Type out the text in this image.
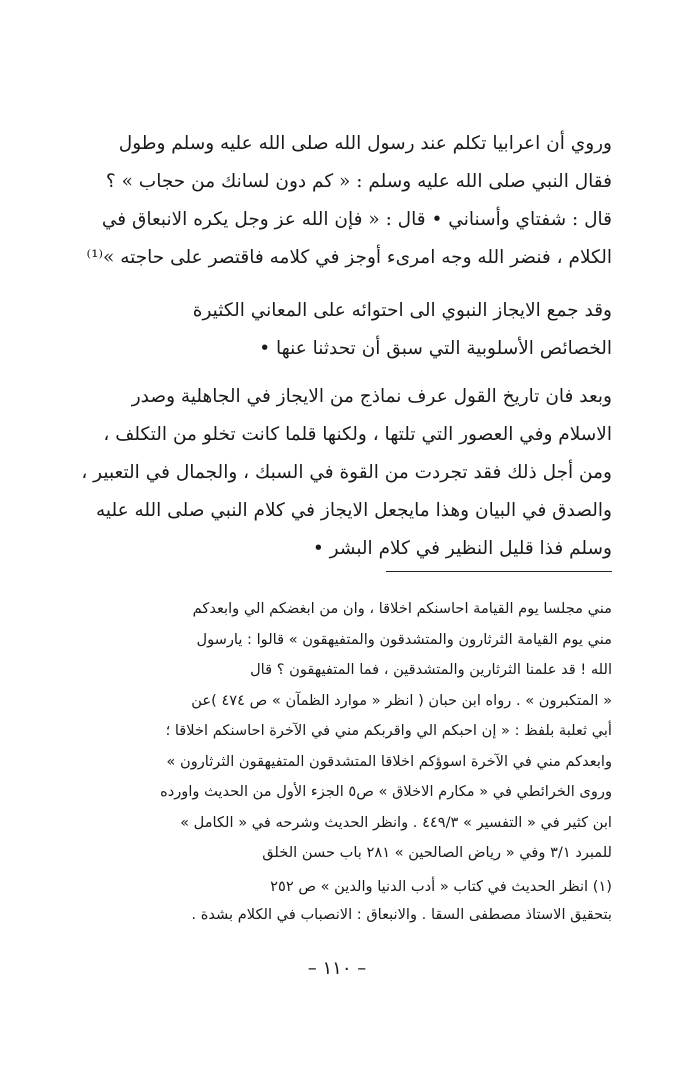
وروي أن اعرابيا تكلم عند رسول الله صلى الله عليه وسلم وطول
فقال النبي صلى الله عليه وسلم : « كم دون لسانك من حجاب » ؟
قال : شفتاي وأسناني • قال : « فإن الله عز وجل يكره الانبعاق في
الكلام ، فنضر الله وجه امرىء أوجز في كلامه فاقتصر على حاجته »⁽¹⁾
وقد جمع الايجاز النبوي الى احتوائه على المعاني الكثيرة
الخصائص الأسلوبية التي سبق أن تحدثنا عنها •
وبعد فان تاريخ القول عرف نماذج من الايجاز في الجاهلية وصدر
الاسلام وفي العصور التي تلتها ، ولكنها قلما كانت تخلو من التكلف ،
ومن أجل ذلك فقد تجردت من القوة في السبك ، والجمال في التعبير ،
والصدق في البيان وهذا مايجعل الايجاز في كلام النبي صلى الله عليه
وسلم فذا قليل النظير في كلام البشر •
مني مجلسا يوم القيامة احاسنكم اخلاقا ، وان من ابغضكم الي وابعدكم
مني يوم القيامة الثرثارون والمتشدقون والمتفيهقون » قالوا : يارسول
الله ! قد علمنا الثرثارين والمتشدقين ، فما المتفيهقون ؟ قال
« المتكبرون » . رواه ابن حبان ( انظر « موارد الظمآن » ص ٤٧٤ )عن
أبي ثعلبة بلفظ : « إن احبكم الي واقربكم مني في الآخرة احاسنكم اخلاقا ؛
وابعدكم مني في الآخرة اسوؤكم اخلاقا المتشدقون المتفيهقون الثرثارون »
وروى الخرائطي في « مكارم الاخلاق » ص٥ الجزء الأول من الحديث واورده
ابن كثير في « التفسير » ٤٤٩/٣ . وانظر الحديث وشرحه في « الكامل »
للمبرد ٣/١ وفي « رياض الصالحين » ٢٨١ باب حسن الخلق
(١) انظر الحديث في كتاب « أدب الدنيا والدين » ص ٢٥٢
بتحقيق الاستاذ مصطفى السقا . والانبعاق : الانصباب في الكلام بشدة .
– ١١٠ –
